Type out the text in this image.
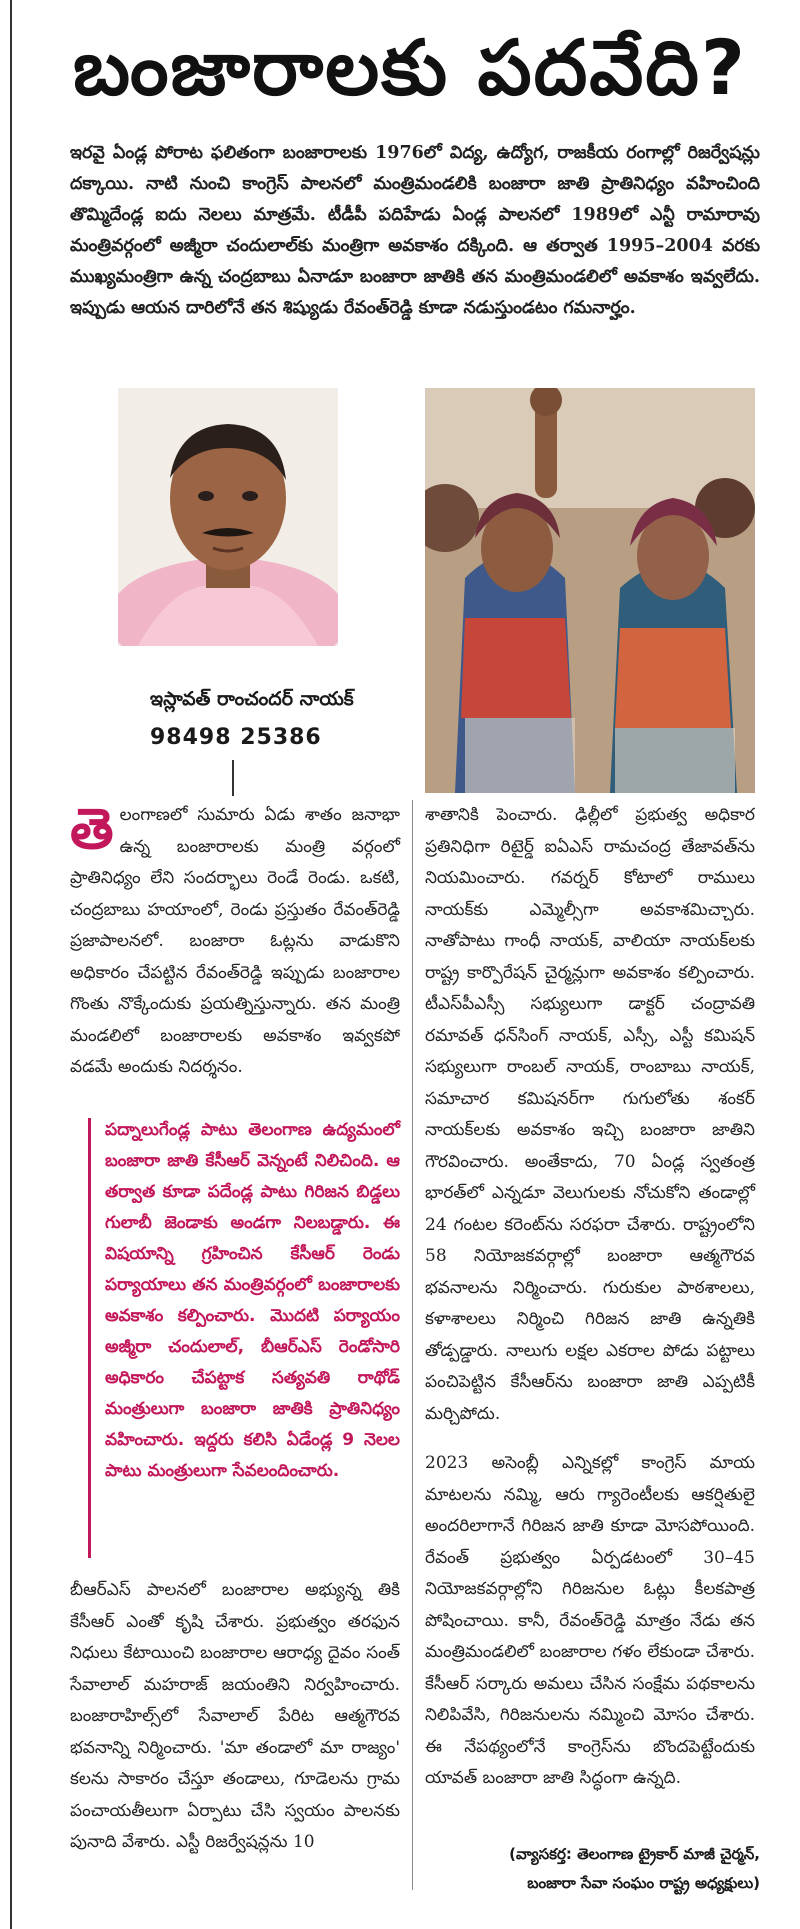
బంజారాలకు పదవేది?
ఇరవై ఏండ్ల పోరాట ఫలితంగా బంజారాలకు 1976లో విద్య, ఉద్యోగ, రాజకీయ రంగాల్లో రిజర్వేషన్లు దక్కాయి. నాటి నుంచి కాంగ్రెస్ పాలనలో మంత్రిమండలికి బంజారా జాతి ప్రాతినిధ్యం వహించింది తొమ్మిదేండ్ల ఐదు నెలలు మాత్రమే. టీడీపీ పదిహేడు ఏండ్ల పాలనలో 1989లో ఎన్టీ రామారావు మంత్రివర్గంలో అజ్మీరా చందులాల్‌కు మంత్రిగా అవకాశం దక్కింది. ఆ తర్వాత 1995–2004 వరకు ముఖ్యమంత్రిగా ఉన్న చంద్రబాబు ఏనాడూ బంజారా జాతికి తన మంత్రిమండలిలో అవకాశం ఇవ్వలేదు. ఇప్పుడు ఆయన దారిలోనే తన శిష్యుడు రేవంత్‌రెడ్డి కూడా నడుస్తుండటం గమనార్హం.
ఇస్లావత్ రాంచందర్ నాయక్
98498 25386

తెలంగాణలో సుమారు ఏడు శాతం జనాభా ఉన్న బంజారాలకు మంత్రి వర్గంలో ప్రాతినిధ్యం లేని సందర్భాలు రెండే రెండు. ఒకటి, చంద్రబాబు హయాంలో, రెండు ప్రస్తుతం రేవంత్‌రెడ్డి ప్రజాపాలనలో. బంజారా ఓట్లను వాడుకొని అధికారం చేపట్టిన రేవంత్‌రెడ్డి ఇప్పుడు బంజారాల గొంతు నొక్కేందుకు ప్రయత్నిస్తున్నారు. తన మంత్రి మండలిలో బంజారాలకు అవకాశం ఇవ్వకపో వడమే అందుకు నిదర్శనం.

పద్నాలుగేండ్ల పాటు తెలంగాణ ఉద్యమంలో బంజారా జాతి కేసీఆర్ వెన్నంటే నిలిచింది. ఆ తర్వాత కూడా పదేండ్ల పాటు గిరిజన బిడ్డలు గులాబీ జెండాకు అండగా నిలబడ్డారు. ఈ విషయాన్ని గ్రహించిన కేసీఆర్ రెండు పర్యాయాలు తన మంత్రివర్గంలో బంజారాలకు అవకాశం కల్పించారు. మొదటి పర్యాయం అజ్మీరా చందులాల్, బీఆర్ఎస్ రెండోసారి అధికారం చేపట్టాక సత్యవతి రాథోడ్ మంత్రులుగా బంజారా జాతికి ప్రాతినిధ్యం వహించారు. ఇద్దరు కలిసి ఏడేండ్ల 9 నెలల పాటు మంత్రులుగా సేవలందించారు.

బీఆర్ఎస్ పాలనలో బంజారాల అభ్యున్న తికి కేసీఆర్ ఎంతో కృషి చేశారు. ప్రభుత్వం తరఫున నిధులు కేటాయించి బంజారాల ఆరాధ్య దైవం సంత్ సేవాలాల్ మహరాజ్ జయంతిని నిర్వహించారు. బంజారాహిల్స్‌లో సేవాలాల్ పేరిట ఆత్మగౌరవ భవనాన్ని నిర్మించారు. 'మా తండాలో మా రాజ్యం' కలను సాకారం చేస్తూ తండాలు, గూడెలను గ్రామ పంచాయతీలుగా ఏర్పాటు చేసి స్వయం పాలనకు పునాది వేశారు. ఎస్టీ రిజర్వేషన్లను 10

శాతానికి పెంచారు. ఢిల్లీలో ప్రభుత్వ అధికార ప్రతినిధిగా రిటైర్డ్ ఐఏఎస్ రామచంద్ర తేజావత్‌ను నియమించారు. గవర్నర్ కోటాలో రాములు నాయక్‌కు ఎమ్మెల్సీగా అవకాశమిచ్చారు. నాతోపాటు గాంధీ నాయక్, వాలియా నాయక్‌లకు రాష్ట్ర కార్పొరేషన్ చైర్మన్లుగా అవకాశం కల్పించారు. టీఎస్‌పీఎస్సీ సభ్యులుగా డాక్టర్ చంద్రావతి రమావత్ ధన్‌సింగ్ నాయక్, ఎస్సీ, ఎస్టీ కమిషన్ సభ్యులుగా రాంబల్ నాయక్, రాంబాబు నాయక్, సమాచార కమిషనర్‌గా గుగులోతు శంకర్ నాయక్‌లకు అవకాశం ఇచ్చి బంజారా జాతిని గౌరవించారు. అంతేకాదు, 70 ఏండ్ల స్వతంత్ర భారత్‌లో ఎన్నడూ వెలుగులకు నోచుకోని తండాల్లో 24 గంటల కరెంట్‌ను సరఫరా చేశారు. రాష్ట్రంలోని 58 నియోజకవర్గాల్లో బంజారా ఆత్మగౌరవ భవనాలను నిర్మించారు. గురుకుల పాఠశాలలు, కళాశాలలు నిర్మించి గిరిజన జాతి ఉన్నతికి తోడ్పడ్డారు. నాలుగు లక్షల ఎకరాల పోడు పట్టాలు పంచిపెట్టిన కేసీఆర్‌ను బంజారా జాతి ఎప్పటికీ మర్చిపోదు.

2023 అసెంబ్లీ ఎన్నికల్లో కాంగ్రెస్ మాయ మాటలను నమ్మి, ఆరు గ్యారెంటీలకు ఆకర్షితులై అందరిలాగానే గిరిజన జాతి కూడా మోసపోయింది. రేవంత్ ప్రభుత్వం ఏర్పడటంలో 30–45 నియోజకవర్గాల్లోని గిరిజనుల ఓట్లు కీలకపాత్ర పోషించాయి. కానీ, రేవంత్‌రెడ్డి మాత్రం నేడు తన మంత్రిమండలిలో బంజారాల గళం లేకుండా చేశారు. కేసీఆర్ సర్కారు అమలు చేసిన సంక్షేమ పథకాలను నిలిపివేసి, గిరిజనులను నమ్మించి మోసం చేశారు. ఈ నేపథ్యంలోనే కాంగ్రెస్‌ను బొందపెట్టేందుకు యావత్ బంజారా జాతి సిద్ధంగా ఉన్నది.

(వ్యాసకర్త: తెలంగాణ ట్రైకార్ మాజీ చైర్మన్,
బంజారా సేవా సంఘం రాష్ట్ర అధ్యక్షులు)
